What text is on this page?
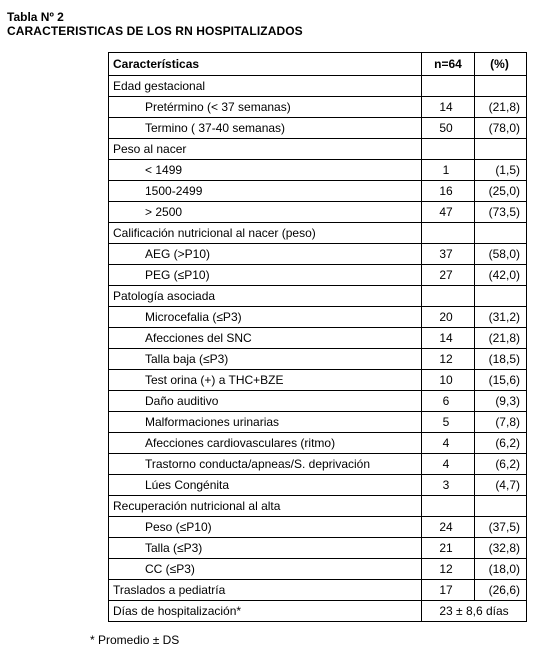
Tabla Nº 2
CARACTERISTICAS DE LOS RN HOSPITALIZADOS
Características	n=64	(%)
Edad gestacional		
Pretérmino (< 37 semanas)	14	(21,8)
Termino ( 37-40 semanas)	50	(78,0)
Peso al nacer		
< 1499	1	(1,5)
1500-2499	16	(25,0)
> 2500	47	(73,5)
Calificación nutricional al nacer (peso)		
AEG (>P10)	37	(58,0)
PEG (≤P10)	27	(42,0)
Patología asociada		
Microcefalia (≤P3)	20	(31,2)
Afecciones del SNC	14	(21,8)
Talla baja (≤P3)	12	(18,5)
Test orina (+) a THC+BZE	10	(15,6)
Daño auditivo	6	(9,3)
Malformaciones urinarias	5	(7,8)
Afecciones cardiovasculares (ritmo)	4	(6,2)
Trastorno conducta/apneas/S. deprivación	4	(6,2)
Lúes Congénita	3	(4,7)
Recuperación nutricional al alta		
Peso (≤P10)	24	(37,5)
Talla (≤P3)	21	(32,8)
CC (≤P3)	12	(18,0)
Traslados a pediatría	17	(26,6)
Días de hospitalización*	23 ± 8,6 días	
* Promedio ± DS
